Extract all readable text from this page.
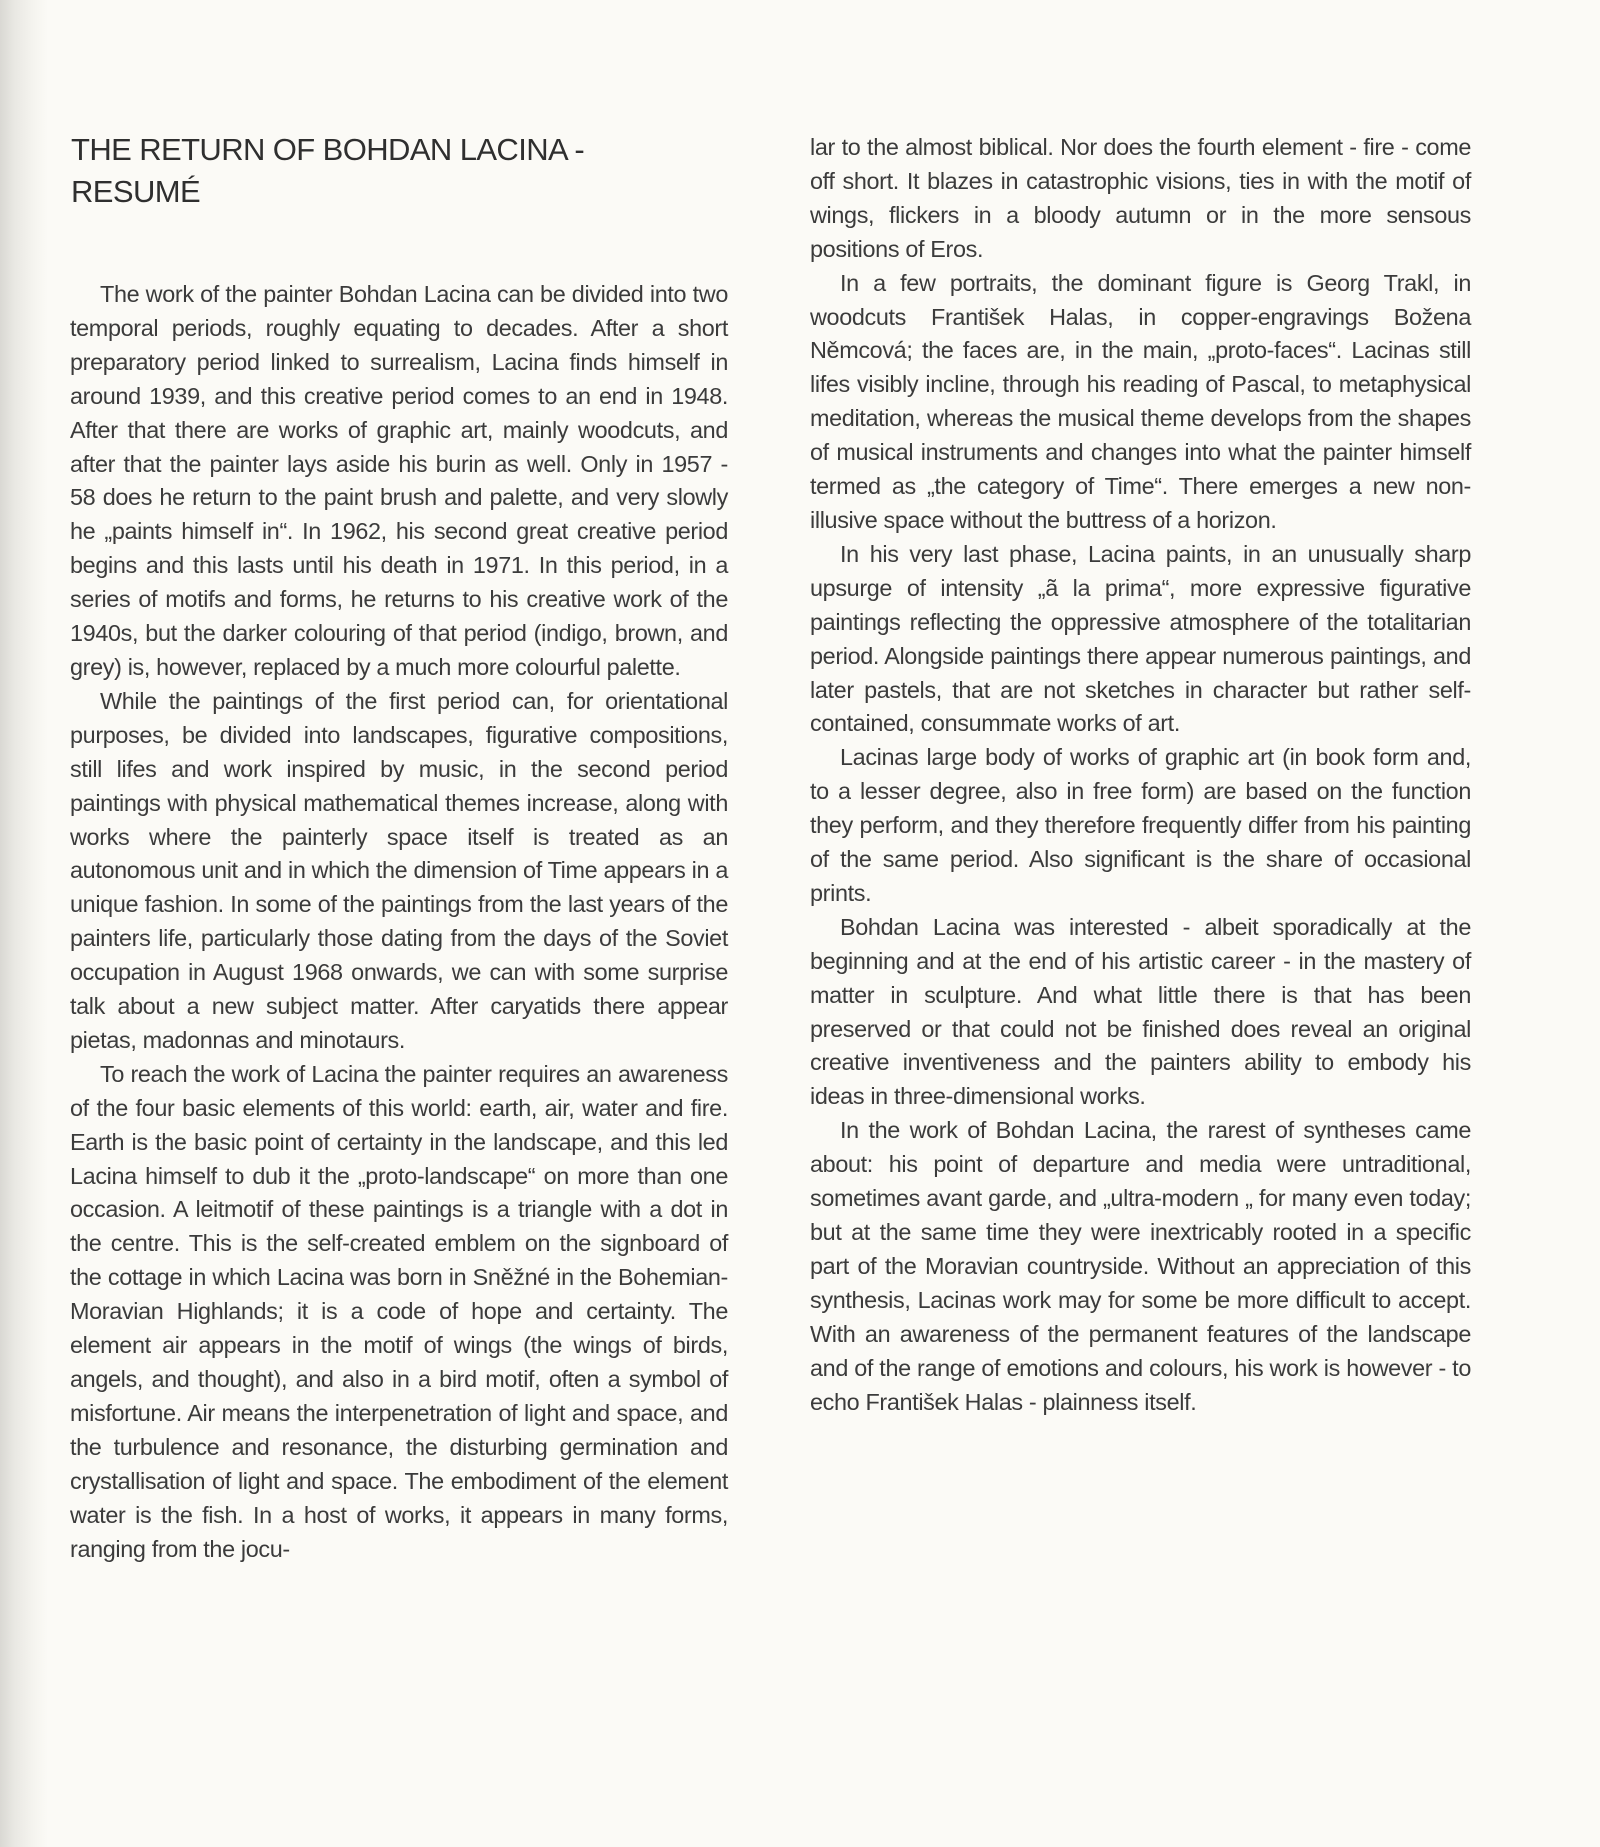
THE RETURN OF BOHDAN LACINA -
RESUMÉ

The work of the painter Bohdan Lacina can be divided into two temporal periods, roughly equating to decades. After a short preparatory period linked to surrealism, Lacina finds himself in around 1939, and this creative period comes to an end in 1948. After that there are works of graphic art, mainly woodcuts, and after that the painter lays aside his burin as well. Only in 1957 - 58 does he return to the paint brush and palette, and very slowly he „paints himself in“. In 1962, his second great creative period begins and this lasts until his death in 1971. In this period, in a series of motifs and forms, he returns to his creative work of the 1940s, but the darker colouring of that period (indigo, brown, and grey) is, however, replaced by a much more colourful palette.

While the paintings of the first period can, for orientational purposes, be divided into landscapes, figurative compositions, still lifes and work inspired by music, in the second period paintings with physical mathematical themes increase, along with works where the painterly space itself is treated as an autonomous unit and in which the dimension of Time appears in a unique fashion. In some of the paintings from the last years of the painters life, particularly those dating from the days of the Soviet occupation in August 1968 onwards, we can with some surprise talk about a new subject matter. After caryatids there appear pietas, madonnas and minotaurs.

To reach the work of Lacina the painter requires an awareness of the four basic elements of this world: earth, air, water and fire. Earth is the basic point of certainty in the landscape, and this led Lacina himself to dub it the „proto-landscape“ on more than one occasion. A leitmotif of these paintings is a triangle with a dot in the centre. This is the self-created emblem on the signboard of the cottage in which Lacina was born in Sněžné in the Bohemian-Moravian Highlands; it is a code of hope and certainty. The element air appears in the motif of wings (the wings of birds, angels, and thought), and also in a bird motif, often a symbol of misfortune. Air means the interpenetration of light and space, and the turbulence and resonance, the disturbing germination and crystallisation of light and space. The embodiment of the element water is the fish. In a host of works, it appears in many forms, ranging from the jocu-

lar to the almost biblical. Nor does the fourth element - fire - come off short. It blazes in catastrophic visions, ties in with the motif of wings, flickers in a bloody autumn or in the more sensous positions of Eros.

In a few portraits, the dominant figure is Georg Trakl, in woodcuts František Halas, in copper-engravings Božena Němcová; the faces are, in the main, „proto-faces“. Lacinas still lifes visibly incline, through his reading of Pascal, to metaphysical meditation, whereas the musical theme develops from the shapes of musical instruments and changes into what the painter himself termed as „the category of Time“. There emerges a new non-illusive space without the buttress of a horizon.

In his very last phase, Lacina paints, in an unusually sharp upsurge of intensity „ã la prima“, more expressive figurative paintings reflecting the oppressive atmosphere of the totalitarian period. Alongside paintings there appear numerous paintings, and later pastels, that are not sketches in character but rather self-contained, consummate works of art.

Lacinas large body of works of graphic art (in book form and, to a lesser degree, also in free form) are based on the function they perform, and they therefore frequently differ from his painting of the same period. Also significant is the share of occasional prints.

Bohdan Lacina was interested - albeit sporadically at the beginning and at the end of his artistic career - in the mastery of matter in sculpture. And what little there is that has been preserved or that could not be finished does reveal an original creative inventiveness and the painters ability to embody his ideas in three-dimensional works.

In the work of Bohdan Lacina, the rarest of syntheses came about: his point of departure and media were untraditional, sometimes avant garde, and „ultra-modern „ for many even today; but at the same time they were inextricably rooted in a specific part of the Moravian countryside. Without an appreciation of this synthesis, Lacinas work may for some be more difficult to accept. With an awareness of the permanent features of the landscape and of the range of emotions and colours, his work is however - to echo František Halas - plainness itself.
